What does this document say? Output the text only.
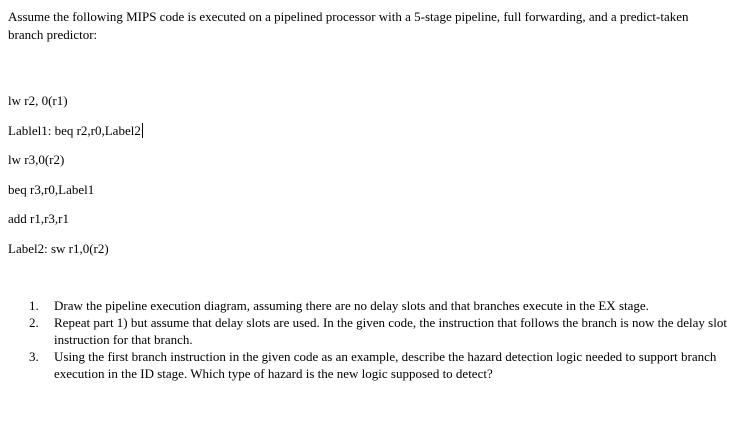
Assume the following MIPS code is executed on a pipelined processor with a 5-stage pipeline, full forwarding, and a predict-taken branch predictor:

lw r2, 0(r1)

Lablel1: beq r2,r0,Label2

lw r3,0(r2)

beq r3,r0,Label1

add r1,r3,r1

Label2: sw r1,0(r2)

1. Draw the pipeline execution diagram, assuming there are no delay slots and that branches execute in the EX stage.
2. Repeat part 1) but assume that delay slots are used. In the given code, the instruction that follows the branch is now the delay slot instruction for that branch.
3. Using the first branch instruction in the given code as an example, describe the hazard detection logic needed to support branch execution in the ID stage. Which type of hazard is the new logic supposed to detect?
